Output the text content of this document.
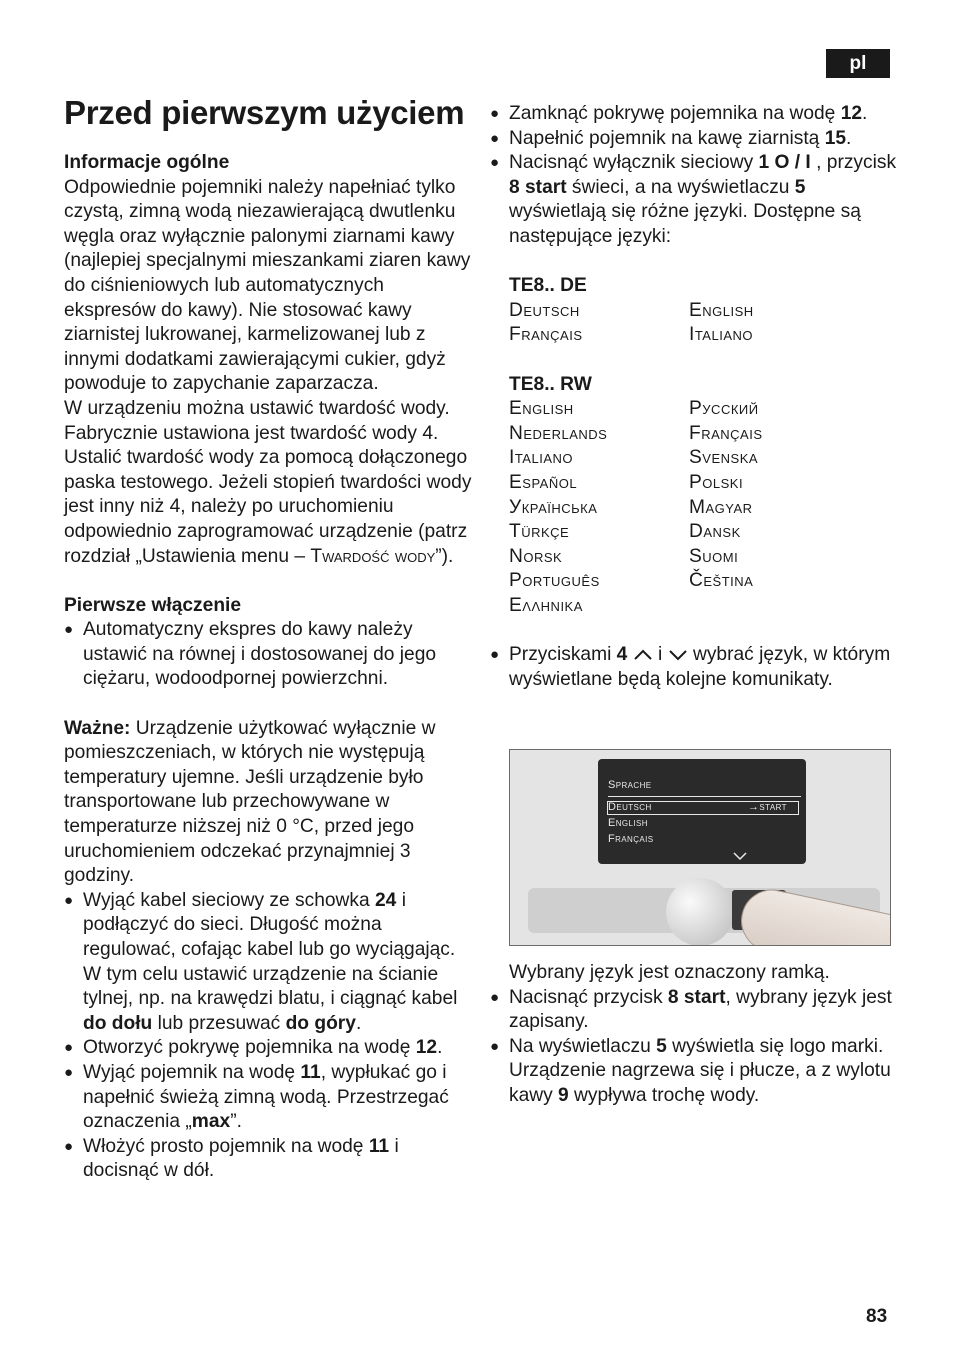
pl
Przed pierwszym użyciem

Informacje ogólne

Odpowiednie pojemniki należy napełniać tylko czystą, zimną wodą niezawierającą dwutlenku węgla oraz wyłącznie palonymi ziarnami kawy (najlepiej specjalnymi mieszankami ziaren kawy do ciśnieniowych lub automatycznych ekspresów do kawy). Nie stosować kawy ziarnistej lukrowanej, karmelizowanej lub z innymi dodatkami zawierającymi cukier, gdyż powoduje to zapychanie zaparzacza.

W urządzeniu można ustawić twardość wody. Fabrycznie ustawiona jest twardość wody 4. Ustalić twardość wody za pomocą dołączonego paska testowego. Jeżeli stopień twardości wody jest inny niż 4, należy po uruchomieniu odpowiednio zaprogramować urządzenie (patrz rozdział „Ustawienia menu – Twardość wody”).

Pierwsze włączenie

● Automatyczny ekspres do kawy należy ustawić na równej i dostosowanej do jego ciężaru, wodoodpornej powierzchni.

Ważne: Urządzenie użytkować wyłącznie w pomieszczeniach, w których nie występują temperatury ujemne. Jeśli urządzenie było transportowane lub przechowywane w temperaturze niższej niż 0 °C, przed jego uruchomieniem odczekać przynajmniej 3 godziny.

● Wyjąć kabel sieciowy ze schowka 24 i podłączyć do sieci. Długość można regulować, cofając kabel lub go wyciągając. W tym celu ustawić urządzenie na ścianie tylnej, np. na krawędzi blatu, i ciągnąć kabel do dołu lub przesuwać do góry.

● Otworzyć pokrywę pojemnika na wodę 12.

● Wyjąć pojemnik na wodę 11, wypłukać go i napełnić świeżą zimną wodą. Przestrzegać oznaczenia „max”.

● Włożyć prosto pojemnik na wodę 11 i docisnąć w dół.

● Zamknąć pokrywę pojemnika na wodę 12.

● Napełnić pojemnik na kawę ziarnistą 15.

● Nacisnąć wyłącznik sieciowy 1 O / I , przycisk 8 start świeci, a na wyświetlaczu 5 wyświetlają się różne języki. Dostępne są następujące języki:

TE8.. DE

Deutsch	English
Français	Italiano

TE8.. RW

English	Русский
Nederlands	Français
Italiano	Svenska
Español	Polski
Українська	Magyar
Türkçe	Dansk
Norsk	Suomi
Português	Čeština
Ελληνικα

● Przyciskami 4  i  wybrać język, w którym wyświetlane będą kolejne komunikaty.

Sprache
Deutsch	→start
English
Français

Wybrany język jest oznaczony ramką.

● Nacisnąć przycisk 8 start, wybrany język jest zapisany.

● Na wyświetlaczu 5 wyświetla się logo marki. Urządzenie nagrzewa się i płucze, a z wylotu kawy 9 wypływa trochę wody.

83
